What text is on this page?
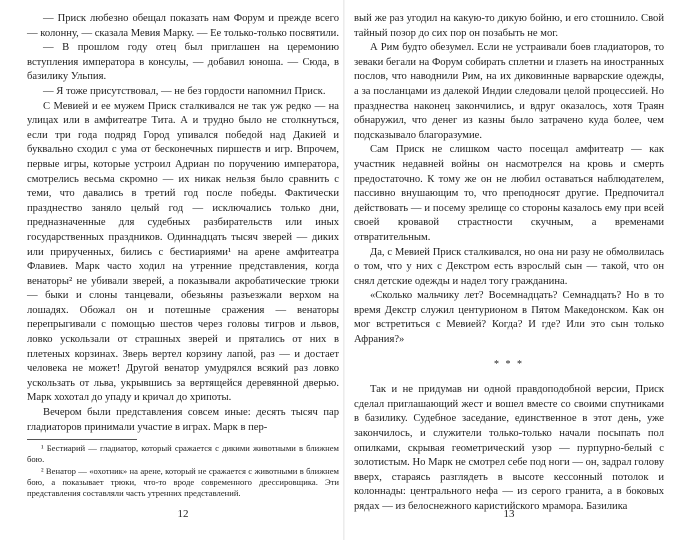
— Приск любезно обещал показать нам Форум и прежде всего — колонну, — сказала Мевия Марку. — Ее только-только посвятили.

— В прошлом году отец был приглашен на церемонию вступления императора в консулы, — добавил юноша. — Сюда, в базилику Ульпия.

— Я тоже присутствовал, — не без гордости напомнил Приск.

С Мевией и ее мужем Приск сталкивался не так уж редко — на улицах или в амфитеатре Тита. А и трудно было не столкнуться, если три года подряд Город упивался победой над Дакией и буквально сходил с ума от бесконечных пиршеств и игр. Впрочем, первые игры, которые устроил Адриан по поручению императора, смотрелись весьма скромно — их никак нельзя было сравнить с теми, что давались в третий год после победы. Фактически празднество заняло целый год — исключались только дни, предназначенные для судебных разбирательств или иных государственных праздников. Одиннадцать тысяч зверей — диких или прирученных, бились с бестиариями¹ на арене амфитеатра Флавиев. Марк часто ходил на утренние представления, когда венаторы² не убивали зверей, а показывали акробатические трюки — быки и слоны танцевали, обезьяны разъезжали верхом на лошадях. Обожал он и потешные сражения — венаторы перепрыгивали с помощью шестов через головы тигров и львов, ловко ускользали от страшных зверей и прятались от них в плетеных корзинах. Зверь вертел корзину лапой, раз — и достает человека не может! Другой венатор умудрялся всякий раз ловко ускользать от льва, укрывшись за вертящейся деревянной дверью. Марк хохотал до упаду и кричал до хрипоты.

Вечером были представления совсем иные: десять тысяч пар гладиаторов принимали участие в играх. Марк в пер-

¹ Бестиарий — гладиатор, который сражается с дикими животными в ближнем бою.

² Венатор — «охотник» на арене, который не сражается с животными в ближнем бою, а показывает трюки, что-то вроде современного дрессировщика. Эти представления составляли часть утренних представлений.

12

вый же раз угодил на какую-то дикую бойню, и его стошнило. Свой тайный позор до сих пор он позабыть не мог.

А Рим будто обезумел. Если не устраивали боев гладиаторов, то зеваки бегали на Форум собирать сплетни и глазеть на иностранных послов, что наводнили Рим, на их диковинные варварские одежды, а за посланцами из далекой Индии следовали целой процессией. Но празднества наконец закончились, и вдруг оказалось, хотя Траян обнаружил, что денег из казны было затрачено куда более, чем подсказывало благоразумие.

Сам Приск не слишком часто посещал амфитеатр — как участник недавней войны он насмотрелся на кровь и смерть предостаточно. К тому же он не любил оставаться наблюдателем, пассивно внушающим то, что преподносят другие. Предпочитал действовать — и посему зрелище со стороны казалось ему при всей своей кровавой страстности скучным, а временами отвратительным.

Да, с Мевией Приск сталкивался, но она ни разу не обмолвилась о том, что у них с Декстром есть взрослый сын — такой, что он снял детские одежды и надел тогу гражданина.

«Сколько мальчику лет? Восемнадцать? Семнадцать? Но в то время Декстр служил центурионом в Пятом Македонском. Как он мог встретиться с Мевией? Когда? И где? Или это сын только Афрания?»

* * *

Так и не придумав ни одной правдоподобной версии, Приск сделал приглашающий жест и вошел вместе со своими спутниками в базилику. Судебное заседание, единственное в этот день, уже закончилось, и служители только-только начали посыпать пол опилками, скрывая геометрический узор — пурпурно-белый с золотистым. Но Марк не смотрел себе под ноги — он, задрал голову вверх, стараясь разглядеть в высоте кессонный потолок и колоннады: центрального нефа — из серого гранита, а в боковых рядах — из белоснежного каристийского мрамора. Базилика

13
